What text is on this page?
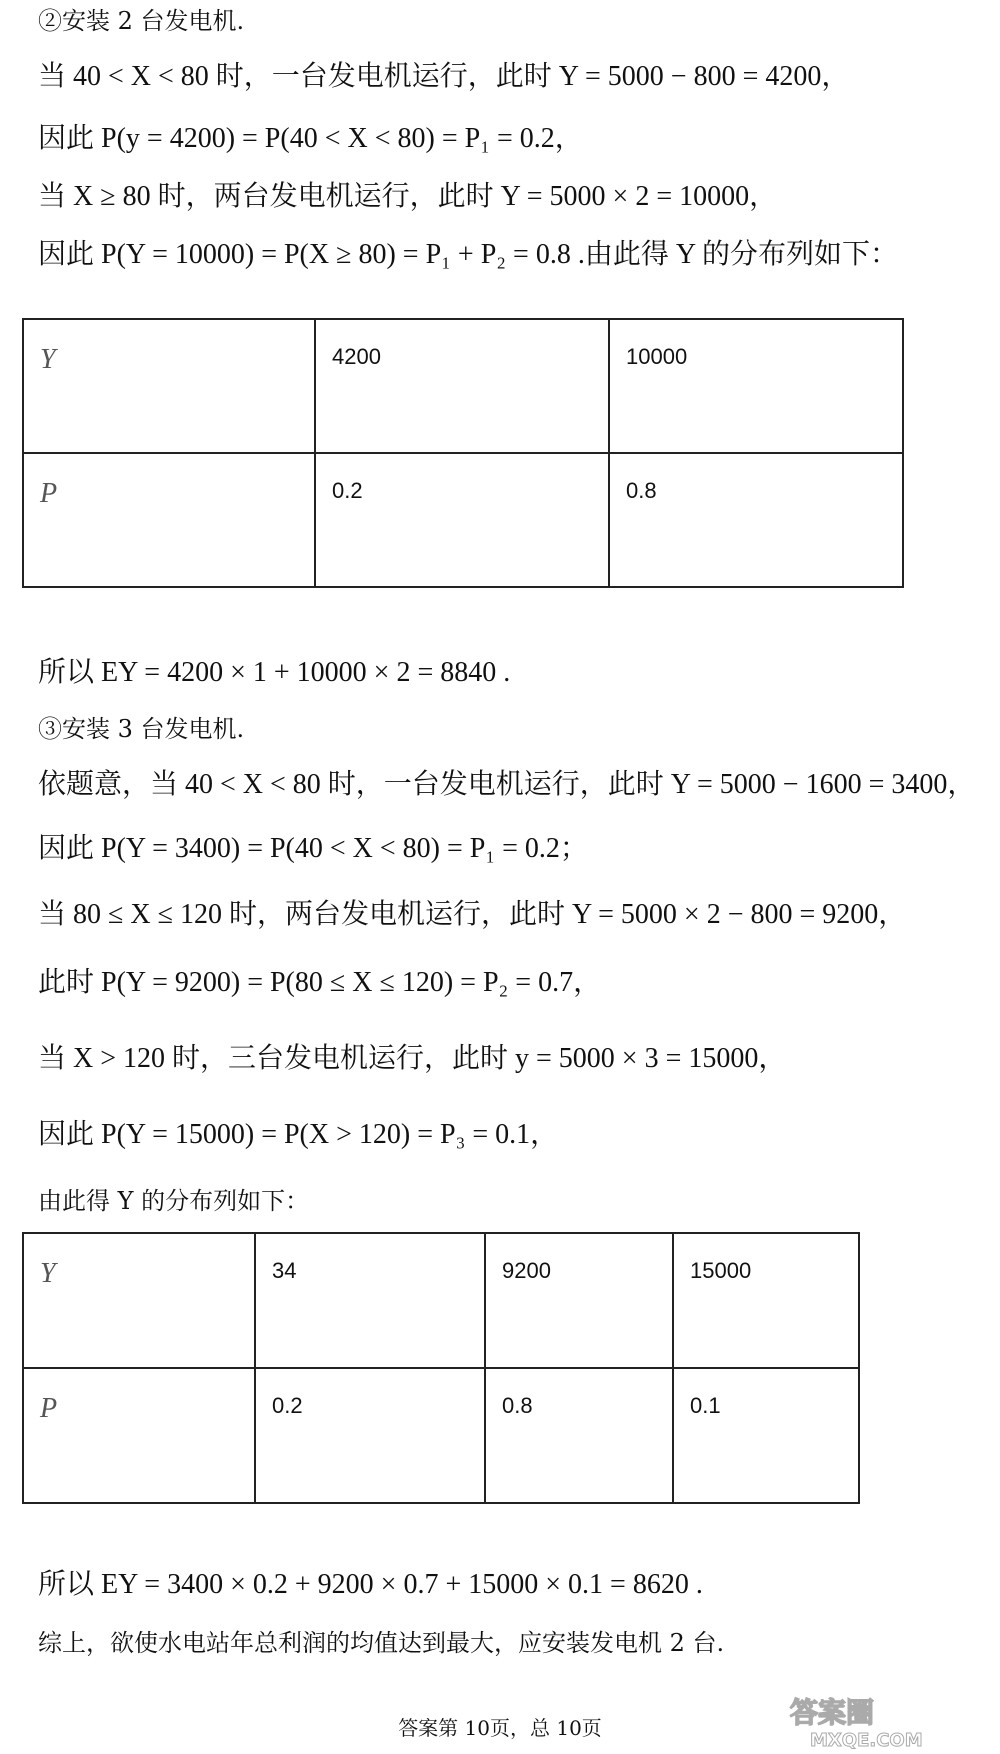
②安装 2 台发电机.
当 40 < X < 80 时，一台发电机运行，此时 Y = 5000 − 800 = 4200，
因此 P(y = 4200) = P(40 < X < 80) = P₁ = 0.2，
当 X ≥ 80 时，两台发电机运行，此时 Y = 5000 × 2 = 10000，
因此 P(Y = 10000) = P(X ≥ 80) = P₁ + P₂ = 0.8 .由此得 Y 的分布列如下：
Y	4200	10000
P	0.2	0.8
所以 EY = 4200 × 1 + 10000 × 2 = 8840 .
③安装 3 台发电机.
依题意，当 40 < X < 80 时，一台发电机运行，此时 Y = 5000 − 1600 = 3400，
因此 P(Y = 3400) = P(40 < X < 80) = P₁ = 0.2；
当 80 ≤ X ≤ 120 时，两台发电机运行，此时 Y = 5000 × 2 − 800 = 9200，
此时 P(Y = 9200) = P(80 ≤ X ≤ 120) = P₂ = 0.7，
当 X > 120 时，三台发电机运行，此时 y = 5000 × 3 = 15000，
因此 P(Y = 15000) = P(X > 120) = P₃ = 0.1，
由此得 Y 的分布列如下：
Y	34	9200	15000
P	0.2	0.8	0.1
所以 EY = 3400 × 0.2 + 9200 × 0.7 + 15000 × 0.1 = 8620 .
综上，欲使水电站年总利润的均值达到最大，应安装发电机 2 台.
答案第 10页，总 10页	答案圈
MXQE.COM
